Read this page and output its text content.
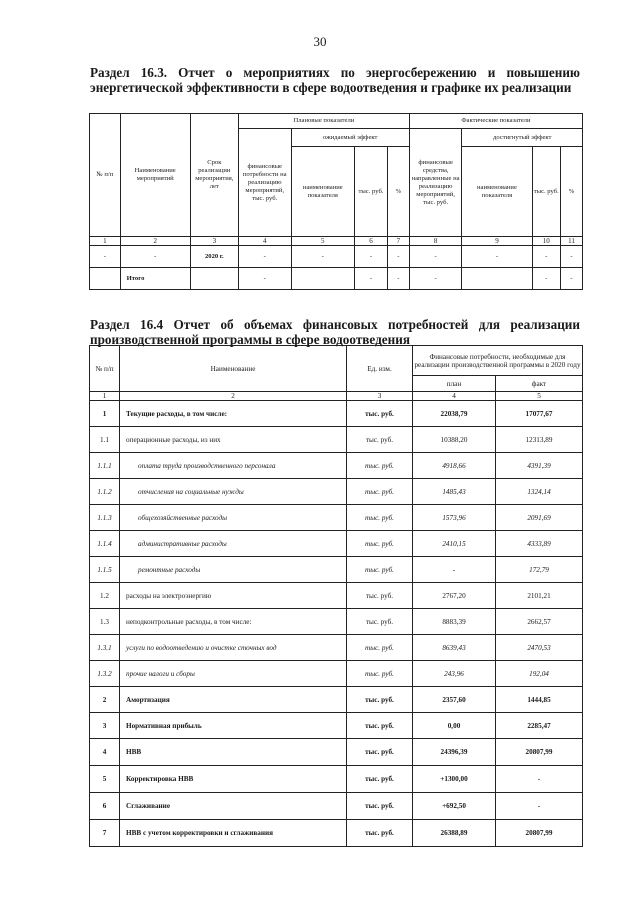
30
Раздел 16.3. Отчет о мероприятиях по энергосбережению и повышению энергетической эффективности в сфере водоотведения и графике их реализации
№ п/п	Наименование мероприятий	Срок реализации мероприятия, лет	Плановые показатели				Фактические показатели			
			финансовые потребности на реализацию мероприятий, тыс. руб.	ожидаемый эффект			финансовые средства, направленные на реализацию мероприятий, тыс. руб.	достигнутый эффект		
				наименование показателя	тыс. руб.	%		наименование показателя	тыс. руб.	%
1	2	3	4	5	6	7	8	9	10	11
-	-	2020 г.	-	-	-	-	-	-	-	-
	Итого		-		-	-	-		-	-
Раздел 16.4 Отчет об объемах финансовых потребностей для реализации производственной программы в сфере водоотведения
№ п/п	Наименование	Ед. изм.	Финансовые потребности, необходимые для реализации производственной программы в 2020 году	
			план	факт
1	2	3	4	5
1	Текущие расходы, в том числе:	тыс. руб.	22038,79	17077,67
1.1	операционные расходы, из них	тыс. руб.	10388,20	12313,89
1.1.1	оплата труда производственного персонала	тыс. руб.	4918,66	4391,39
1.1.2	отчисления на социальные нужды	тыс. руб.	1485,43	1324,14
1.1.3	общехозяйственные расходы	тыс. руб.	1573,96	2091,69
1.1.4	административные расходы	тыс. руб.	2410,15	4333,89
1.1.5	ремонтные расходы	тыс. руб.	-	172,79
1.2	расходы на электроэнергию	тыс. руб.	2767,20	2101,21
1.3	неподконтрольные расходы, в том числе:	тыс. руб.	8883,39	2662,57
1.3.1	услуги по водоотведению и очистке сточных вод	тыс. руб.	8639,43	2470,53
1.3.2	прочие налоги и сборы	тыс. руб.	243,96	192,04
2	Амортизация	тыс. руб.	2357,60	1444,85
3	Нормативная прибыль	тыс. руб.	0,00	2285,47
4	НВВ	тыс. руб.	24396,39	20807,99
5	Корректировка НВВ	тыс. руб.	+1300,00	-
6	Сглаживание	тыс. руб.	+692,50	-
7	НВВ с учетом корректировки и сглаживания	тыс. руб.	26388,89	20807,99
